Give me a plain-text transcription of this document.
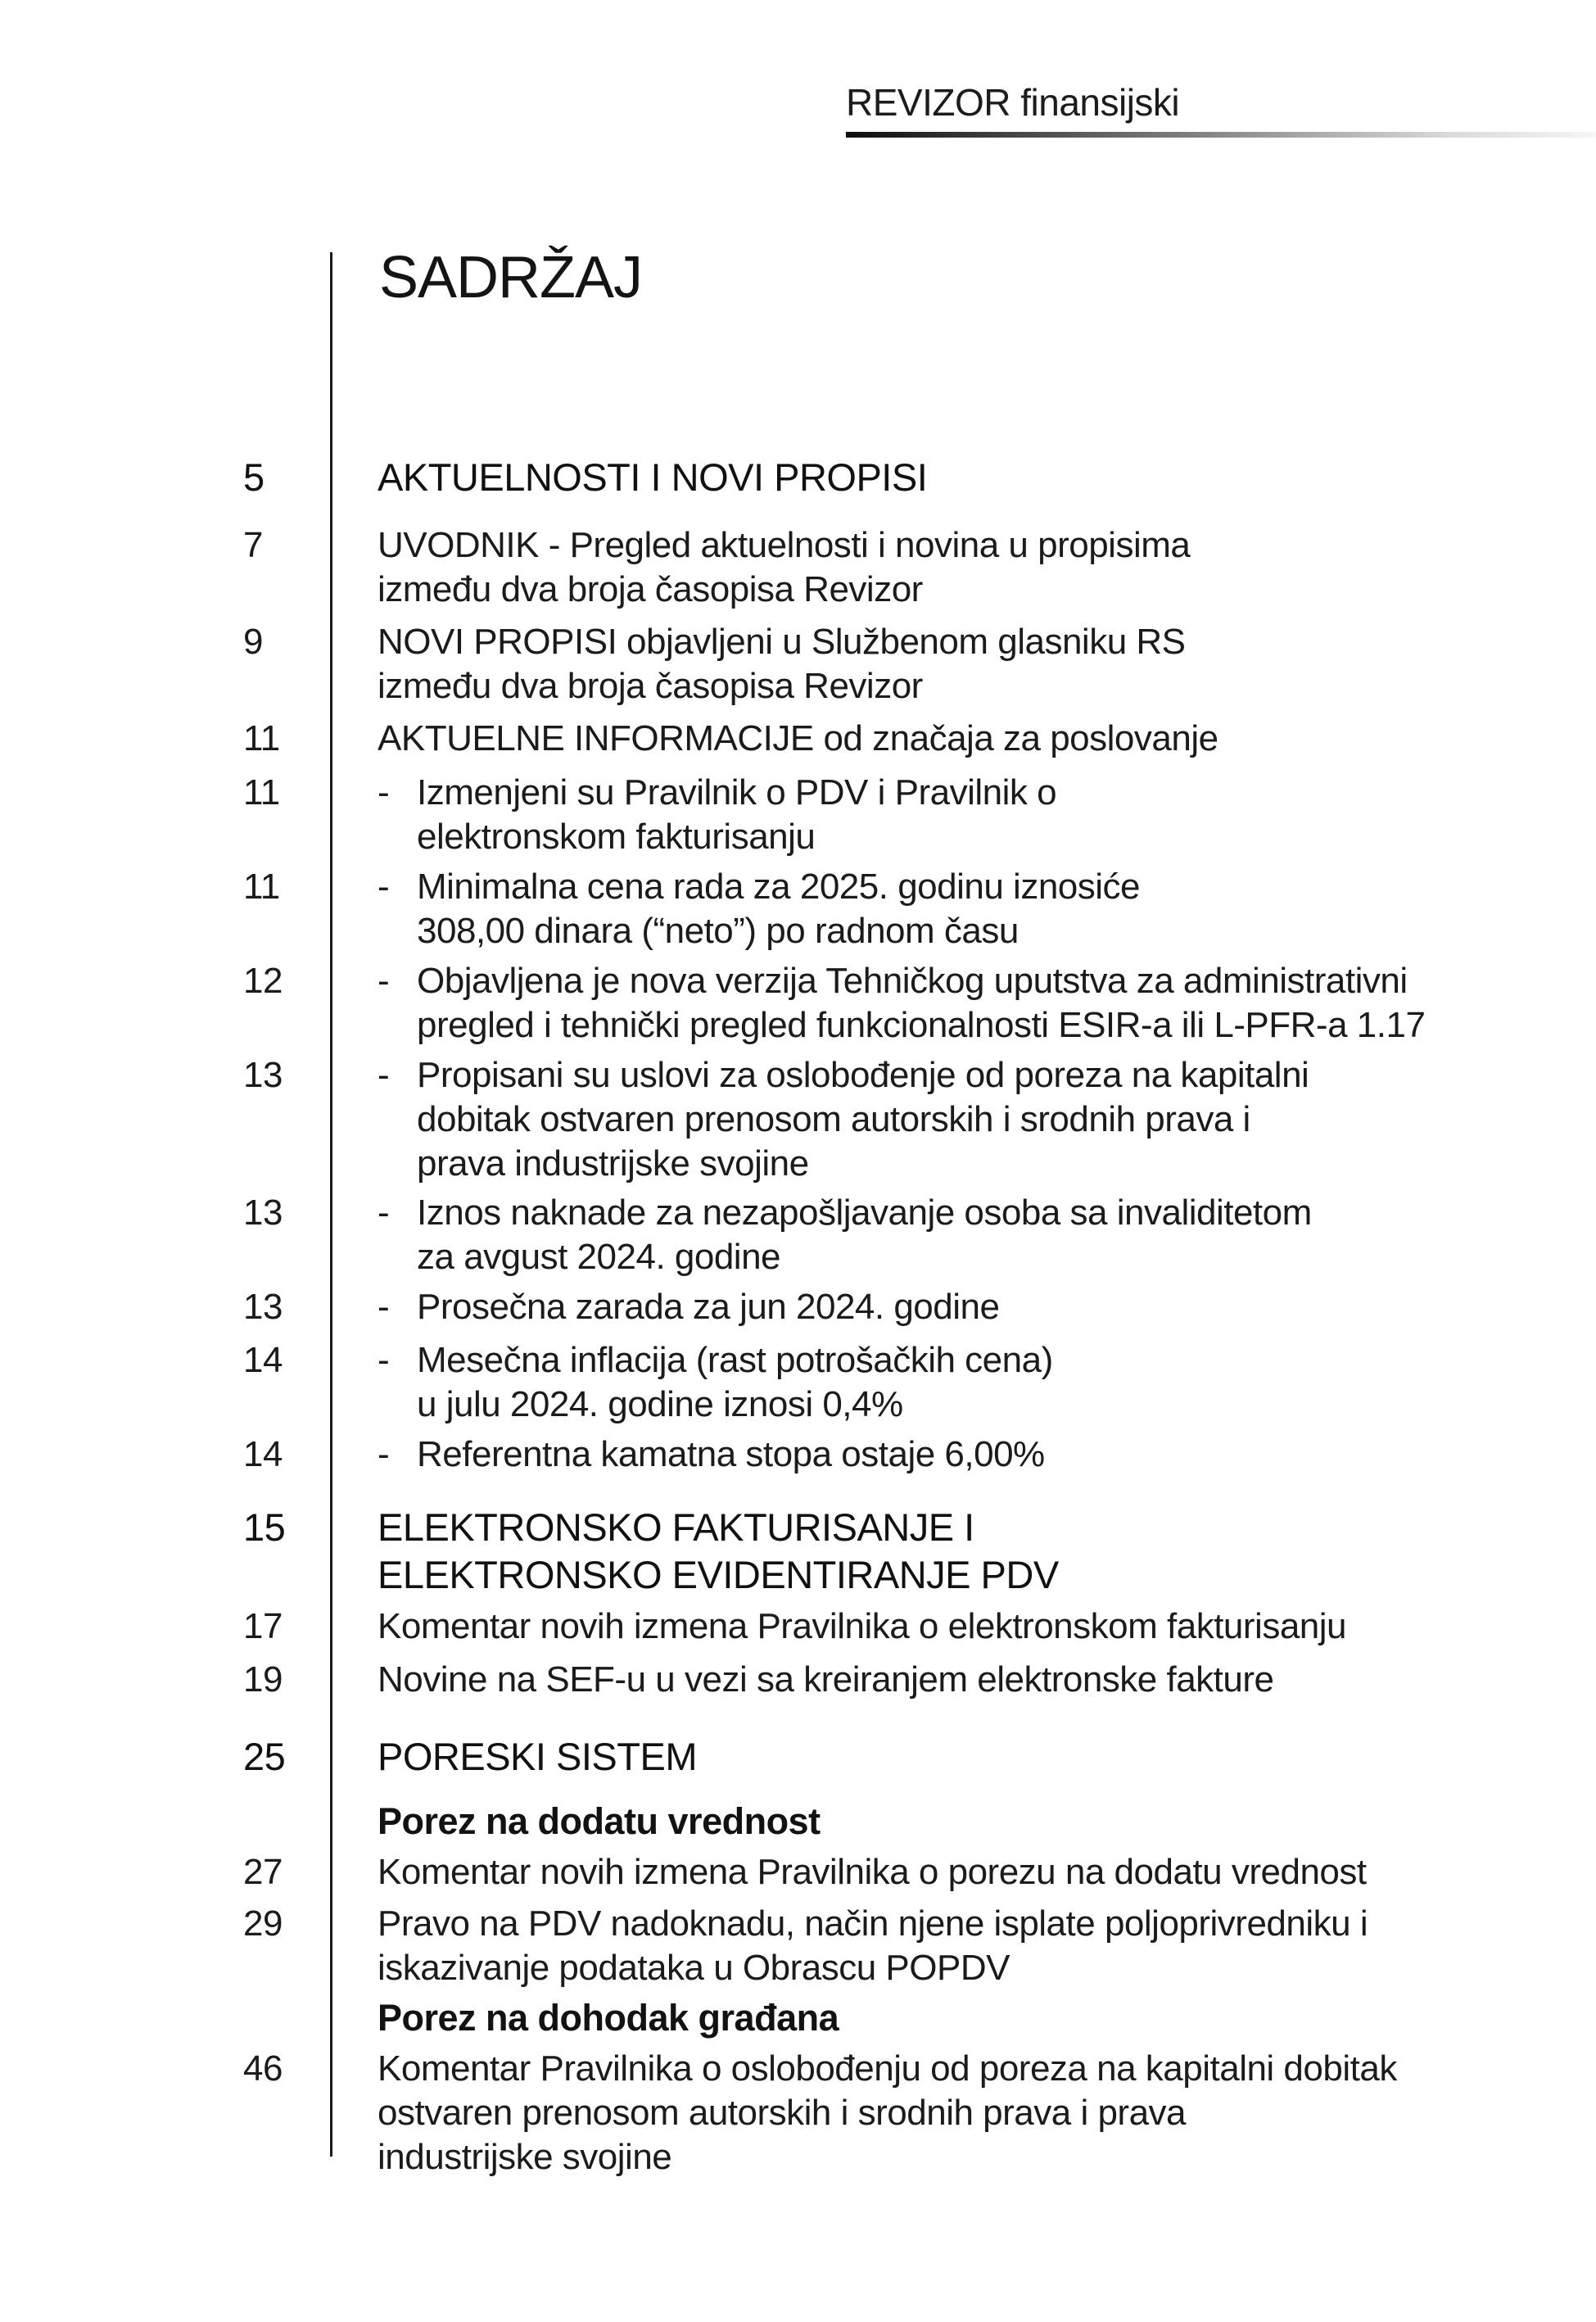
REVIZOR finansijski
SADRŽAJ
5	AKTUELNOSTI I NOVI PROPISI
7	UVODNIK - Pregled aktuelnosti i novina u propisima
između dva broja časopisa Revizor
9	NOVI PROPISI objavljeni u Službenom glasniku RS
između dva broja časopisa Revizor
11	AKTUELNE INFORMACIJE od značaja za poslovanje
11	- Izmenjeni su Pravilnik o PDV i Pravilnik o
elektronskom fakturisanju
11	- Minimalna cena rada za 2025. godinu iznosiće
308,00 dinara (“neto”) po radnom času
12	- Objavljena je nova verzija Tehničkog uputstva za administrativni
pregled i tehnički pregled funkcionalnosti ESIR-a ili L-PFR-a 1.17
13	- Propisani su uslovi za oslobođenje od poreza na kapitalni
dobitak ostvaren prenosom autorskih i srodnih prava i
prava industrijske svojine
13	- Iznos naknade za nezapošljavanje osoba sa invaliditetom
za avgust 2024. godine
13	- Prosečna zarada za jun 2024. godine
14	- Mesečna inflacija (rast potrošačkih cena)
u julu 2024. godine iznosi 0,4%
14	- Referentna kamatna stopa ostaje 6,00%
15	ELEKTRONSKO FAKTURISANJE I
ELEKTRONSKO EVIDENTIRANJE PDV
17	Komentar novih izmena Pravilnika o elektronskom fakturisanju
19	Novine na SEF-u u vezi sa kreiranjem elektronske fakture
25	PORESKI SISTEM
Porez na dodatu vrednost
27	Komentar novih izmena Pravilnika o porezu na dodatu vrednost
29	Pravo na PDV nadoknadu, način njene isplate poljoprivredniku i
iskazivanje podataka u Obrascu POPDV
Porez na dohodak građana
46	Komentar Pravilnika o oslobođenju od poreza na kapitalni dobitak
ostvaren prenosom autorskih i srodnih prava i prava
industrijske svojine
